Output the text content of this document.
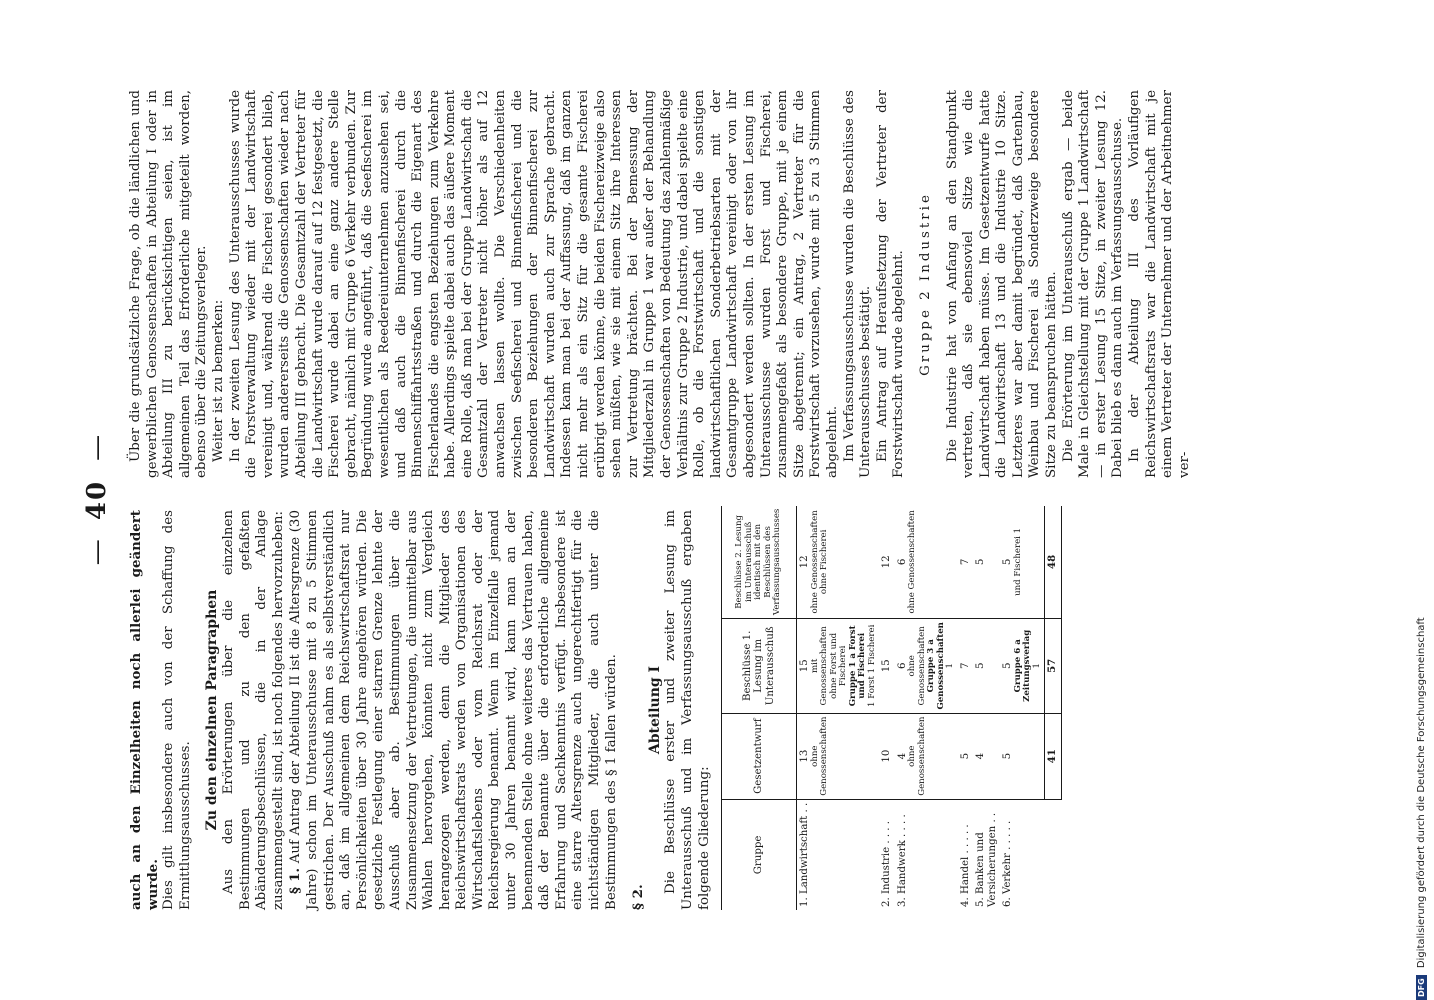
— 40 —

auch an den Einzelheiten noch allerlei geändert wurde. Dies gilt insbesondere auch von der Schaffung des Ermittlungsausschusses. Zu den einzelnen Paragraphen Aus den Erörterungen über die einzelnen Bestimmungen und zu den gefaßten Abänderungsbeschlüssen, die in der Anlage zusammengestellt sind, ist noch folgendes hervorzuheben: § 1. Auf Antrag der Abteilung II ist die Altersgrenze (30 Jahre) schon im Unterausschusse mit 8 zu 5 Stimmen gestrichen. Der Ausschuß nahm es als selbstverständlich an, daß im allgemeinen dem Reichswirtschaftsrat nur Persönlichkeiten über 30 Jahre angehören würden. Die gesetzliche Festlegung einer starren Grenze lehnte der Ausschuß aber ab. Bestimmungen über die Zusammensetzung der Vertretungen, die unmittelbar aus Wahlen hervorgehen, könnten nicht zum Vergleich herangezogen werden, denn die Mitglieder des Reichswirtschaftsrats werden von Organisationen des Wirtschaftslebens oder vom Reichsrat oder der Reichsregierung benannt. Wenn im Einzelfalle jemand unter 30 Jahren benannt wird, kann man an der benennenden Stelle ohne weiteres das Vertrauen haben, daß der Benannte über die erforderliche allgemeine Erfahrung und Sachkenntnis verfügt. Insbesondere ist eine starre Altersgrenze auch ungerechtfertigt für die nichtständigen Mitglieder, die auch unter die Bestimmungen des § 1 fallen würden. § 2.

Abteilung I Die Beschlüsse erster und zweiter Lesung im Unterausschuß und im Verfassungsausschuß ergaben folgende Gliederung:	Gruppe	Gesetzentwurf	Beschlüsse 1. Lesung im Unterausschuß	Beschlüsse 2. Lesung im Unterausschuß identisch mit den Beschlüssen des Verfassungsausschusses

1. Landwirtschaft . .	13 ohne Genossenschaften	15 mit Genossenschaften ohne Forst und Fischerei Gruppe 1 a Forst und Fischerei 1 Forst 1 Fischerei	12 ohne Genossenschaften ohne Fischerei

2. Industrie . . . .	10	15	12
3. Handwerk . . . .	4 ohne Genossenschaften	6 ohne Genossenschaften Gruppe 3 a Genossenschaften 1	6 ohne Genossenschaften

4. Handel . . . . .	5	7	7
5. Banken und Versicherungen . .	4	5	5
6. Verkehr . . . . .	5	5 Gruppe 6 a Zeitungsverlag 1	5 und Fischerei 1

	41	57	48

Über die grundsätzliche Frage, ob die ländlichen und gewerblichen Genossenschaften in Abteilung I oder in Abteilung III zu berücksichtigen seien, ist im allgemeinen Teil das Erforderliche mitgeteilt worden, ebenso über die Zeitungsverleger. Weiter ist zu bemerken: In der zweiten Lesung des Unterausschusses wurde die Forstverwaltung wieder mit der Landwirtschaft vereinigt und, während die Fischerei gesondert blieb, wurden andererseits die Genossenschaften wieder nach Abteilung III gebracht. Die Gesamtzahl der Vertreter für die Landwirtschaft wurde darauf auf 12 festgesetzt, die Fischerei wurde dabei an eine ganz andere Stelle gebracht, nämlich mit Gruppe 6 Verkehr verbunden. Zur Begründung wurde angeführt, daß die Seefischerei im wesentlichen als Reedereiunternehmen anzusehen sei, und daß auch die Binnenfischerei durch die Binnenschiffahrtsstraßen und durch die Eigenart des Fischerlandes die engsten Beziehungen zum Verkehre habe. Allerdings spielte dabei auch das äußere Moment eine Rolle, daß man bei der Gruppe Landwirtschaft die Gesamtzahl der Vertreter nicht höher als auf 12 anwachsen lassen wollte. Die Verschiedenheiten zwischen Seefischerei und Binnenfischerei und die besonderen Beziehungen der Binnenfischerei zur Landwirtschaft wurden auch zur Sprache gebracht. Indessen kam man bei der Auffassung, daß im ganzen nicht mehr als ein Sitz für die gesamte Fischerei erübrigt werden könne, die beiden Fischereizweige also sehen müßten, wie sie mit einem Sitz ihre Interessen zur Vertretung brächten. Bei der Bemessung der Mitgliederzahl in Gruppe 1 war außer der Behandlung der Genossenschaften von Bedeutung das zahlenmäßige Verhältnis zur Gruppe 2 Industrie, und dabei spielte eine Rolle, ob die Forstwirtschaft und die sonstigen landwirtschaftlichen Sonderbetriebsarten mit der Gesamtgruppe Landwirtschaft vereinigt oder von ihr abgesondert werden sollten. In der ersten Lesung im Unterausschusse wurden Forst und Fischerei, zusammengefaßt als besondere Gruppe, mit je einem Sitze abgetrennt; ein Antrag, 2 Vertreter für die Forstwirtschaft vorzusehen, wurde mit 5 zu 3 Stimmen abgelehnt. Im Verfassungsausschusse wurden die Beschlüsse des Unterausschusses bestätigt. Ein Antrag auf Heraufsetzung der Vertreter der Forstwirtschaft wurde abgelehnt. Gruppe 2 Industrie Die Industrie hat von Anfang an den Standpunkt vertreten, daß sie ebensoviel Sitze wie die Landwirtschaft haben müsse. Im Gesetzentwurfe hatte die Landwirtschaft 13 und die Industrie 10 Sitze. Letzteres war aber damit begründet, daß Gartenbau, Weinbau und Fischerei als Sonderzweige besondere Sitze zu beanspruchen hätten. Die Erörterung im Unterausschuß ergab — beide Male in Gleichstellung mit der Gruppe 1 Landwirtschaft — in erster Lesung 15 Sitze, in zweiter Lesung 12. Dabei blieb es dann auch im Verfassungsausschusse. In der Abteilung III des Vorläufigen Reichswirtschaftsrats war die Landwirtschaft mit je einem Vertreter der Unternehmer und der Arbeitnehmer ver-

DFG Digitalisierung gefördert durch die Deutsche Forschungsgemeinschaft
